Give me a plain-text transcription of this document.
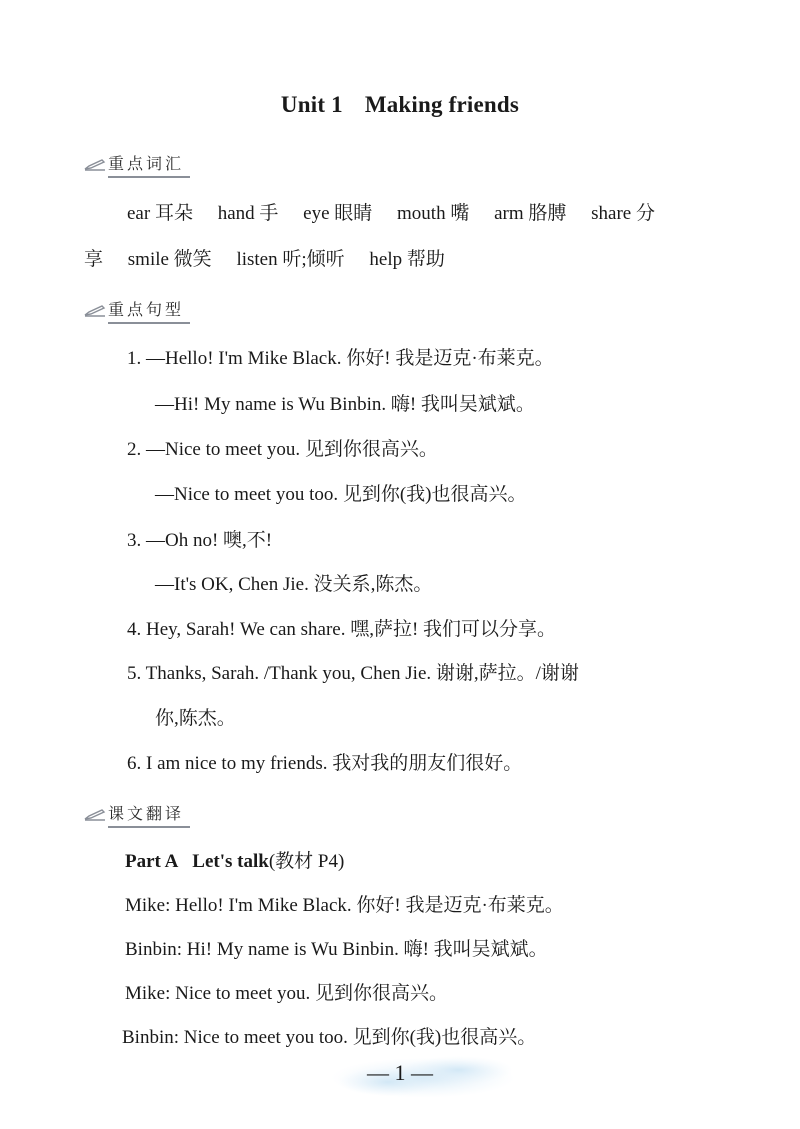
Unit 1 Making friends
重点词汇
ear 耳朵 hand 手 eye 眼睛 mouth 嘴 arm 胳膊 share 分
享 smile 微笑 listen 听;倾听 help 帮助
重点句型
1. —Hello! I'm Mike Black. 你好! 我是迈克·布莱克。
—Hi! My name is Wu Binbin. 嗨! 我叫吴斌斌。
2. —Nice to meet you. 见到你很高兴。
—Nice to meet you too. 见到你(我)也很高兴。
3. —Oh no! 噢,不!
—It's OK, Chen Jie. 没关系,陈杰。
4. Hey, Sarah! We can share. 嘿,萨拉! 我们可以分享。
5. Thanks, Sarah. /Thank you, Chen Jie. 谢谢,萨拉。/谢谢
你,陈杰。
6. I am nice to my friends. 我对我的朋友们很好。
课文翻译
Part A Let's talk(教材 P4)
Mike: Hello! I'm Mike Black. 你好! 我是迈克·布莱克。
Binbin: Hi! My name is Wu Binbin. 嗨! 我叫吴斌斌。
Mike: Nice to meet you. 见到你很高兴。
Binbin: Nice to meet you too. 见到你(我)也很高兴。
— 1 —
